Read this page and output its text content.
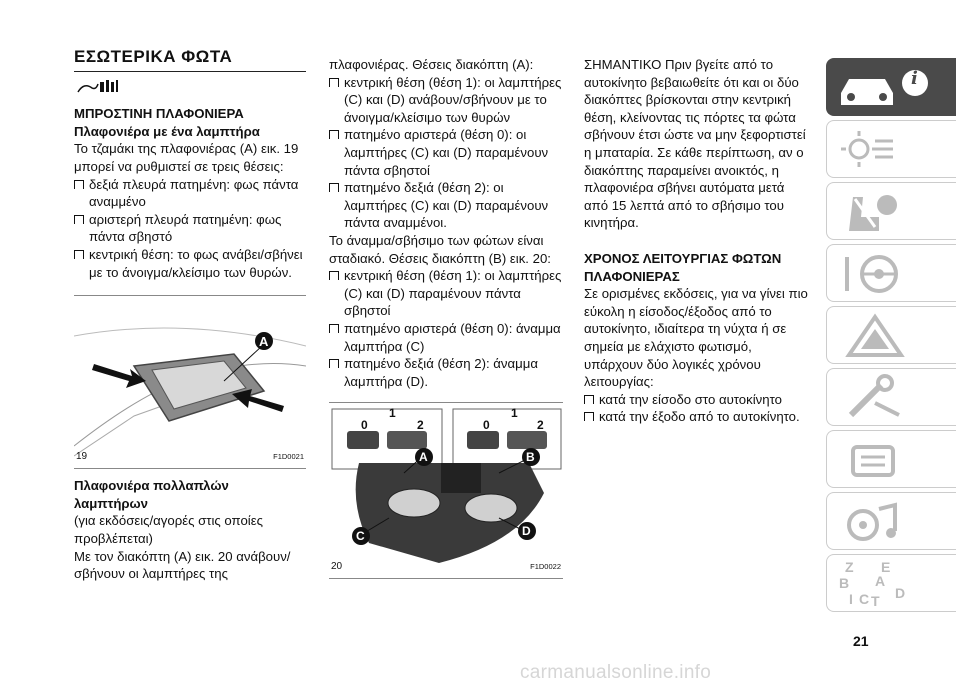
ΕΣΩΤΕΡΙΚΑ ΦΩΤΑ

ΜΠΡΟΣΤΙΝΗ ΠΛΑΦΟΝΙΕΡΑ

Πλαφονιέρα με ένα λαμπτήρα

Το τζαμάκι της πλαφονιέρας (A) εικ. 19 μπορεί να ρυθμιστεί σε τρεις θέσεις:

δεξιά πλευρά πατημένη: φως πάντα αναμμένο
αριστερή πλευρά πατημένη: φως πάντα σβηστό
κεντρική θέση: το φως ανάβει/σβήνει με το άνοιγμα/κλείσιμο των θυρών.
A
19	F1D0021

Πλαφονιέρα πολλαπλών λαμπτήρων

(για εκδόσεις/αγορές στις οποίες προβλέπεται)

Με τον διακόπτη (A) εικ. 20 ανάβουν/σβήνουν οι λαμπτήρες της

πλαφονιέρας. Θέσεις διακόπτη (A):

κεντρική θέση (θέση 1): οι λαμπτήρες (C) και (D) ανάβουν/σβήνουν με το άνοιγμα/κλείσιμο των θυρών
πατημένο αριστερά (θέση 0): οι λαμπτήρες (C) και (D) παραμένουν πάντα σβηστοί
πατημένο δεξιά (θέση 2): οι λαμπτήρες (C) και (D) παραμένουν πάντα αναμμένοι.

Το άναμμα/σβήσιμο των φώτων είναι σταδιακό. Θέσεις διακόπτη (B) εικ. 20:

κεντρική θέση (θέση 1): οι λαμπτήρες (C) και (D) παραμένουν πάντα σβηστοί
πατημένο αριστερά (θέση 0): άναμμα λαμπτήρα (C)
πατημένο δεξιά (θέση 2): άναμμα λαμπτήρα (D).
1
0	2
1
0	2
A	B
C	D
20	F1D0022

ΣΗΜΑΝΤΙΚΟ Πριν βγείτε από το αυτοκίνητο βεβαιωθείτε ότι και οι δύο διακόπτες βρίσκονται στην κεντρική θέση, κλείνοντας τις πόρτες τα φώτα σβήνουν έτσι ώστε να μην ξεφορτιστεί η μπαταρία. Σε κάθε περίπτωση, αν ο διακόπτης παραμείνει ανοικτός, η πλαφονιέρα σβήνει αυτόματα μετά από 15 λεπτά από το σβήσιμο του κινητήρα.

ΧΡΟΝΟΣ ΛΕΙΤΟΥΡΓΙΑΣ ΦΩΤΩΝ ΠΛΑΦΟΝΙΕΡΑΣ

Σε ορισμένες εκδόσεις, για να γίνει πιο εύκολη η είσοδος/έξοδος από το αυτοκίνητο, ιδιαίτερα τη νύχτα ή σε σημεία με ελάχιστο φωτισμό, υπάρχουν δύο λογικές χρόνου λειτουργίας:

κατά την είσοδο στο αυτοκίνητο
κατά την έξοδο από το αυτοκίνητο.
i
Z E
B A
I C T D
21
carmanualsonline.info
